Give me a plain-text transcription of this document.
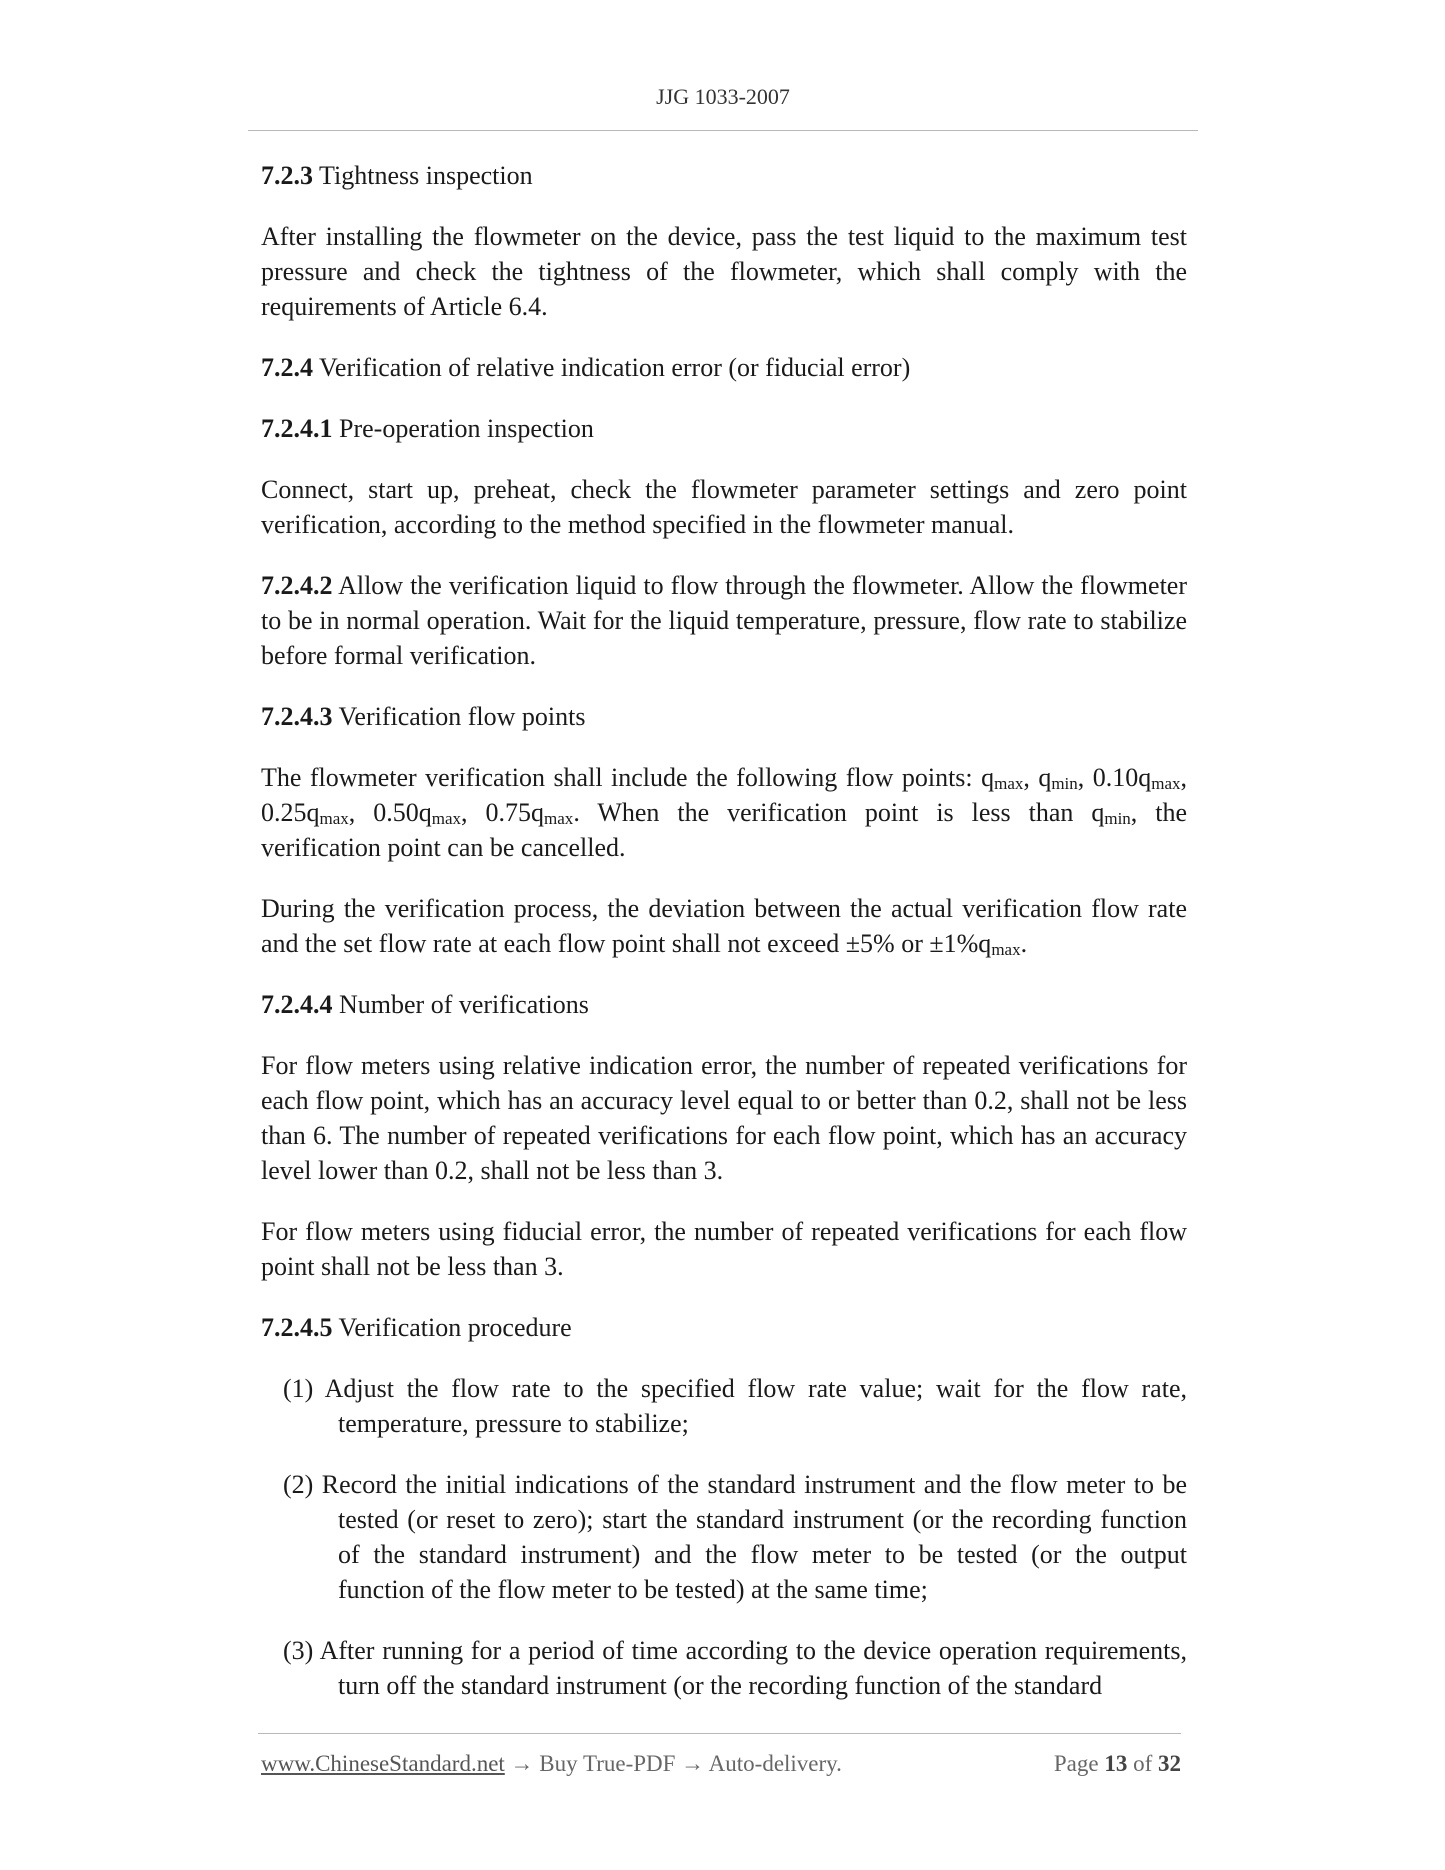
JJG 1033-2007

7.2.3 Tightness inspection

After installing the flowmeter on the device, pass the test liquid to the maximum test pressure and check the tightness of the flowmeter, which shall comply with the requirements of Article 6.4.

7.2.4 Verification of relative indication error (or fiducial error)

7.2.4.1 Pre-operation inspection

Connect, start up, preheat, check the flowmeter parameter settings and zero point verification, according to the method specified in the flowmeter manual.

7.2.4.2 Allow the verification liquid to flow through the flowmeter. Allow the flowmeter to be in normal operation. Wait for the liquid temperature, pressure, flow rate to stabilize before formal verification.

7.2.4.3 Verification flow points

The flowmeter verification shall include the following flow points: $q_{max}$, $q_{min}$, $0.10q_{max}$, $0.25q_{max}$, $0.50q_{max}$, $0.75q_{max}$. When the verification point is less than $q_{min}$, the verification point can be cancelled.

During the verification process, the deviation between the actual verification flow rate and the set flow rate at each flow point shall not exceed ±5% or $\pm 1\%q_{max}$.

7.2.4.4 Number of verifications

For flow meters using relative indication error, the number of repeated verifications for each flow point, which has an accuracy level equal to or better than 0.2, shall not be less than 6. The number of repeated verifications for each flow point, which has an accuracy level lower than 0.2, shall not be less than 3.

For flow meters using fiducial error, the number of repeated verifications for each flow point shall not be less than 3.

7.2.4.5 Verification procedure

(1) Adjust the flow rate to the specified flow rate value; wait for the flow rate, temperature, pressure to stabilize;

(2) Record the initial indications of the standard instrument and the flow meter to be tested (or reset to zero); start the standard instrument (or the recording function of the standard instrument) and the flow meter to be tested (or the output function of the flow meter to be tested) at the same time;

(3) After running for a period of time according to the device operation requirements, turn off the standard instrument (or the recording function of the standard

www.ChineseStandard.net → Buy True-PDF → Auto-delivery.	Page 13 of 32
